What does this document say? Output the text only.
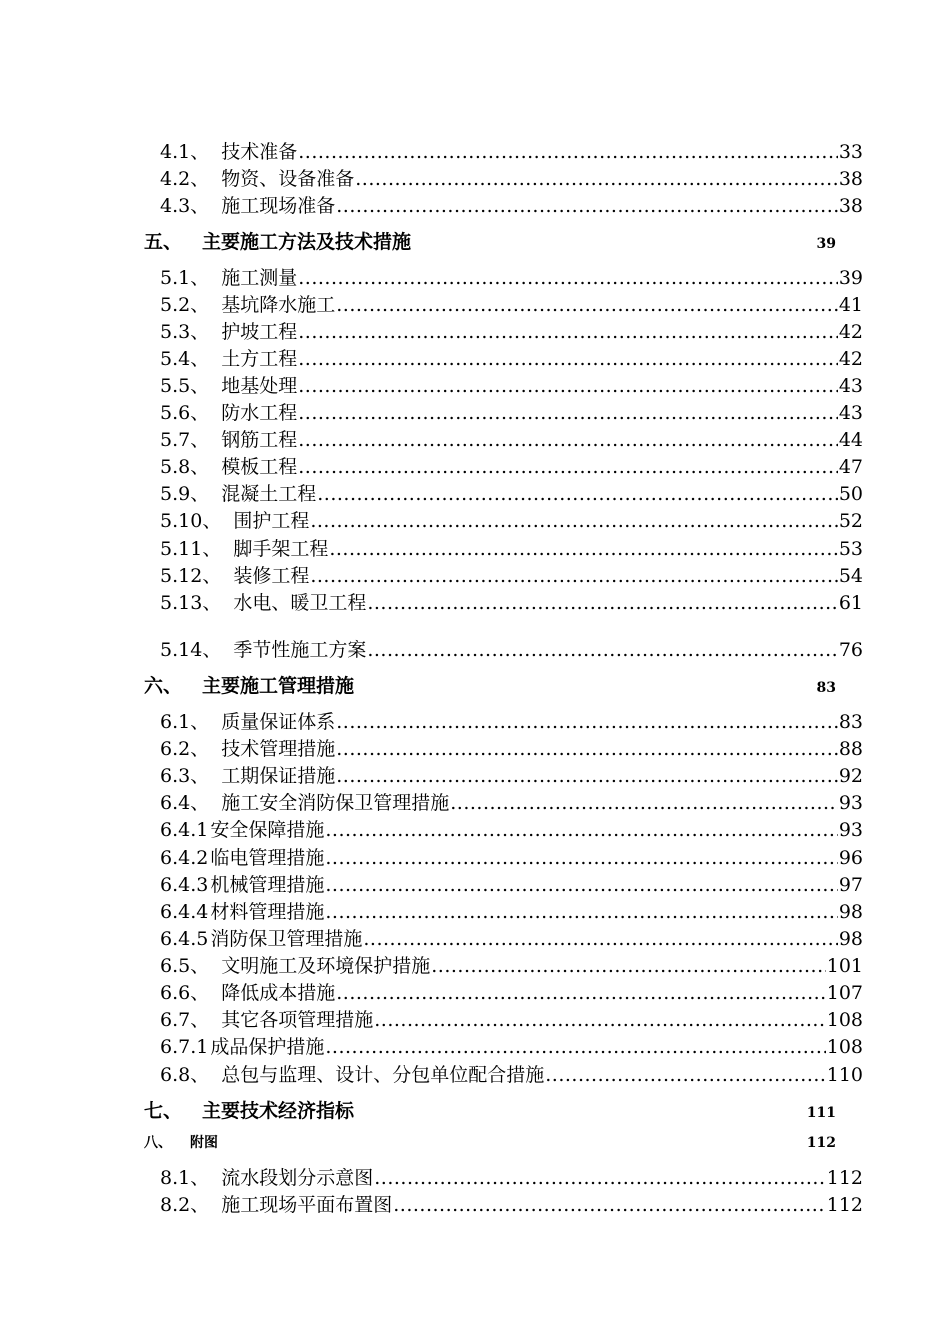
4.1 、 技术准备 .....	33
4.2 、 物资、设备准备 .....	38
4.3 、 施工现场准备 .....	38
五 、	主要施工方法及技术措施	39
5.1 、 施工测量 .....	39
5.2 、 基坑降水施工 .....	41
5.3 、 护坡工程 .....	42
5.4 、 土方工程 .....	42
5.5 、 地基处理 .....	43
5.6 、 防水工程 .....	43
5.7 、 钢筋工程 .....	44
5.8 、 模板工程 .....	47
5.9 、 混凝土工程 .....	50
5.10 、 围护工程 .....	52
5.11 、 脚手架工程 .....	53
5.12 、 装修工程 .....	54
5.13 、 水电、暖卫工程 .....	61
5.14 、 季节性施工方案 .....	76
六 、	主要施工管理措施	83
6.1 、 质量保证体系 .....	83
6.2 、 技术管理措施 .....	88
6.3 、 工期保证措施 .....	92
6.4 、 施工安全消防保卫管理措施 .....	93
6.4.1 安全保障措施 .....	93
6.4.2 临电管理措施 .....	96
6.4.3 机械管理措施 .....	97
6.4.4 材料管理措施 .....	98
6.4.5 消防保卫管理措施 .....	98
6.5 、 文明施工及环境保护措施 .....	101
6.6 、 降低成本措施 .....	107
6.7 、 其它各项管理措施 .....	108
6.7.1 成品保护措施 .....	108
6.8 、 总包与监理、设计、分包单位配合措施 .....	110
七 、	主要技术经济指标	111
八 、	附图	112
8.1 、 流水段划分示意图 .....	112
8.2 、 施工现场平面布置图 .....	112
